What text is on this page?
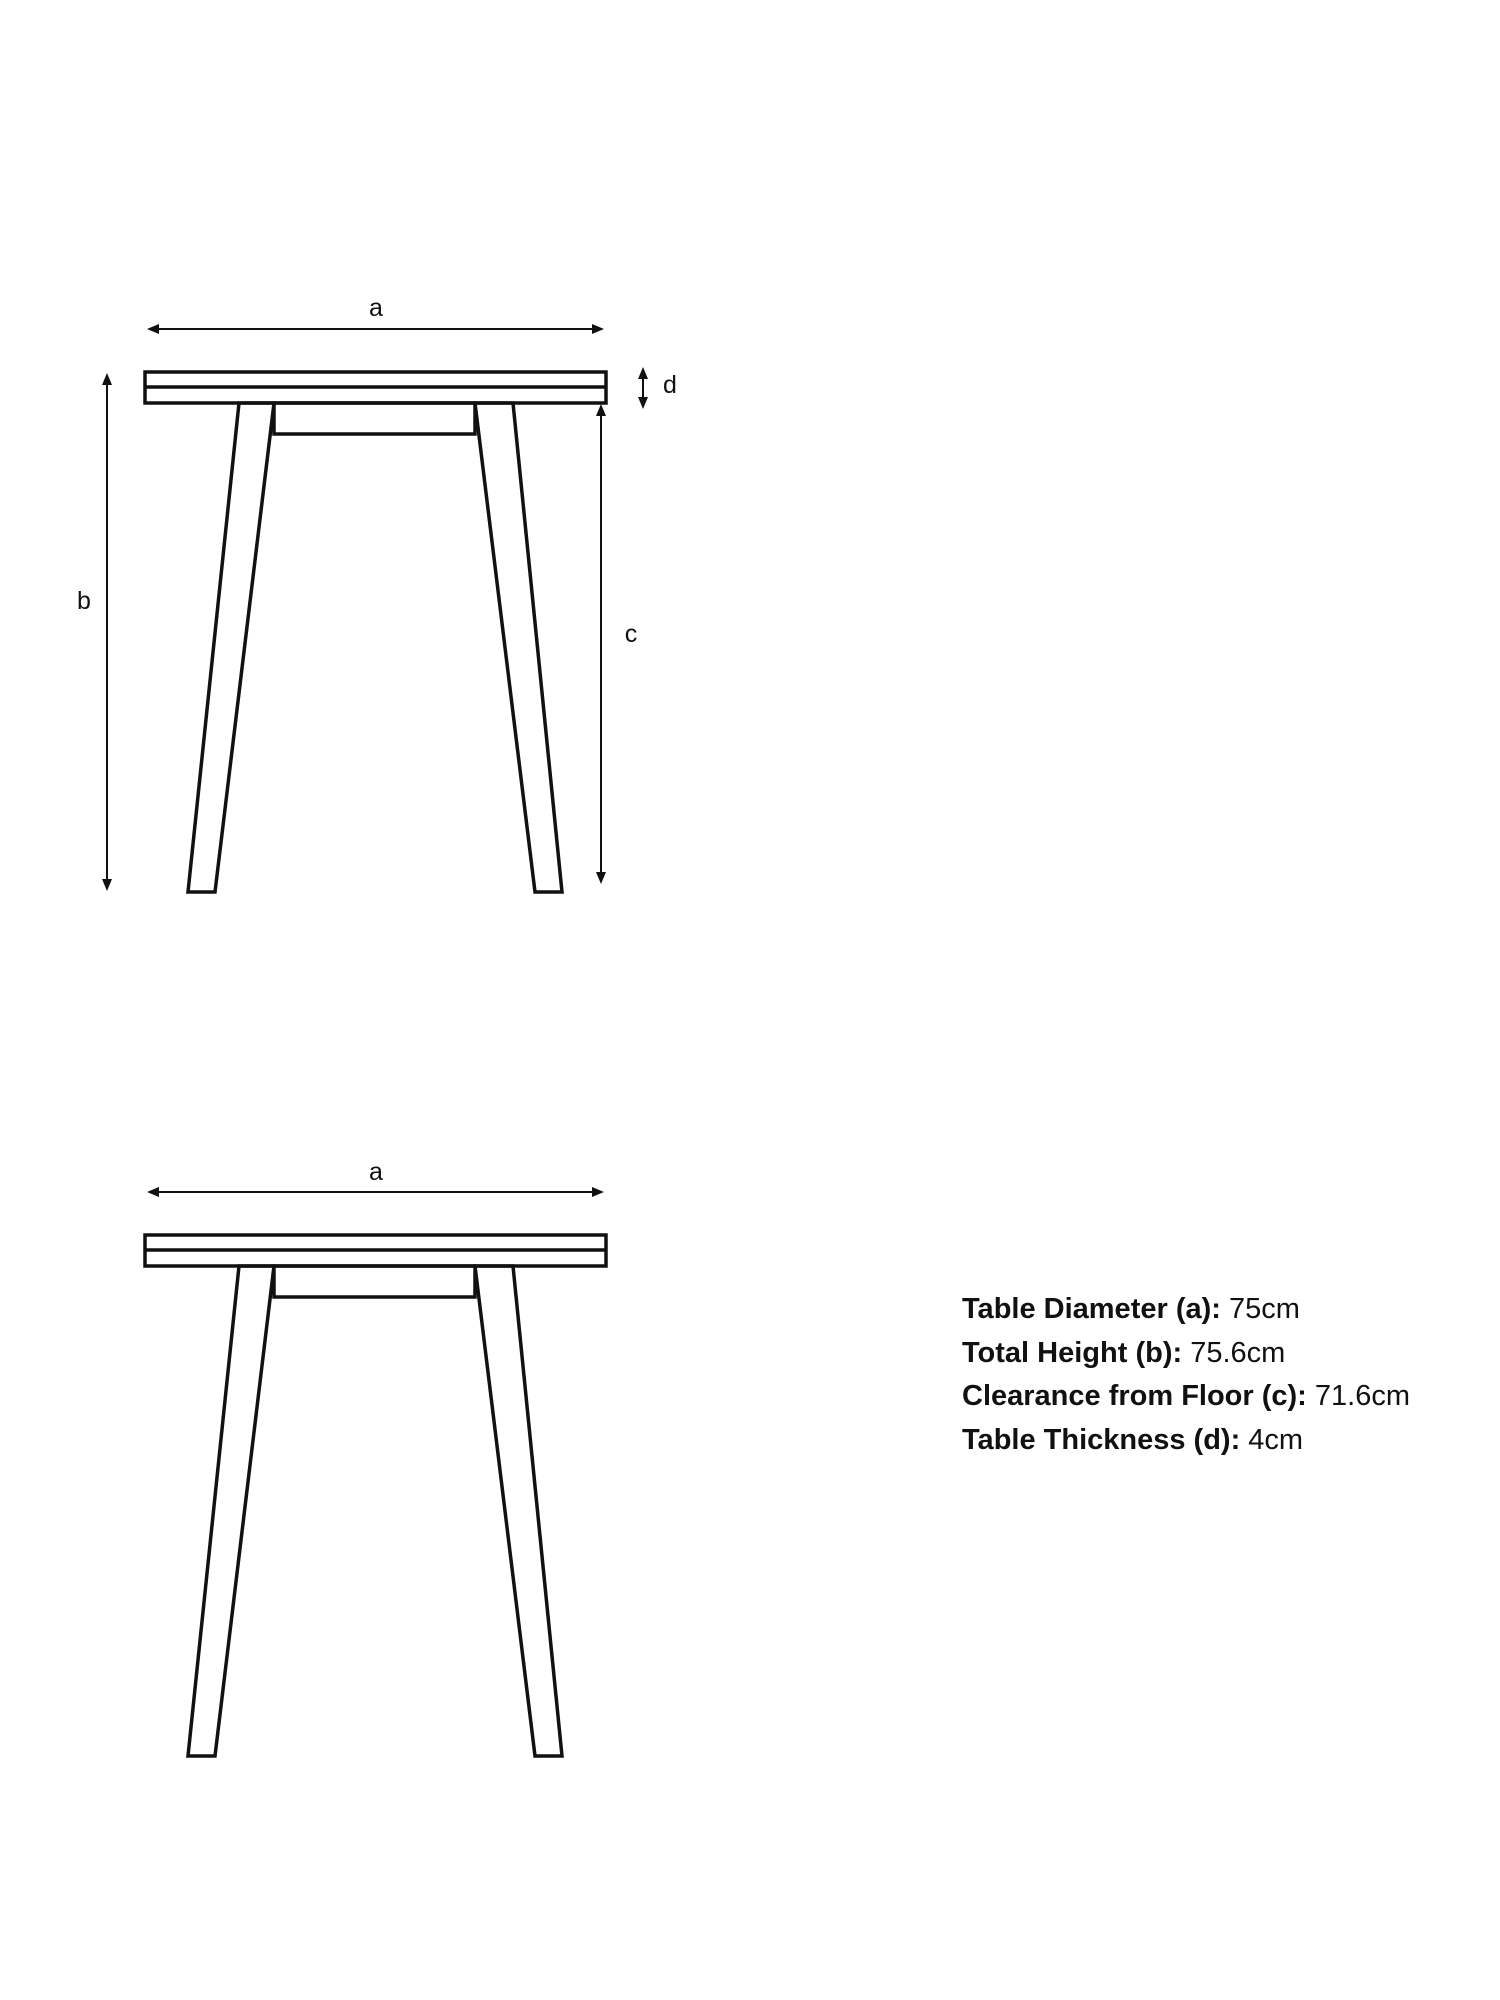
a
b
c
d
a
Table Diameter (a): 75cm
Total Height (b): 75.6cm
Clearance from Floor (c): 71.6cm
Table Thickness (d): 4cm
